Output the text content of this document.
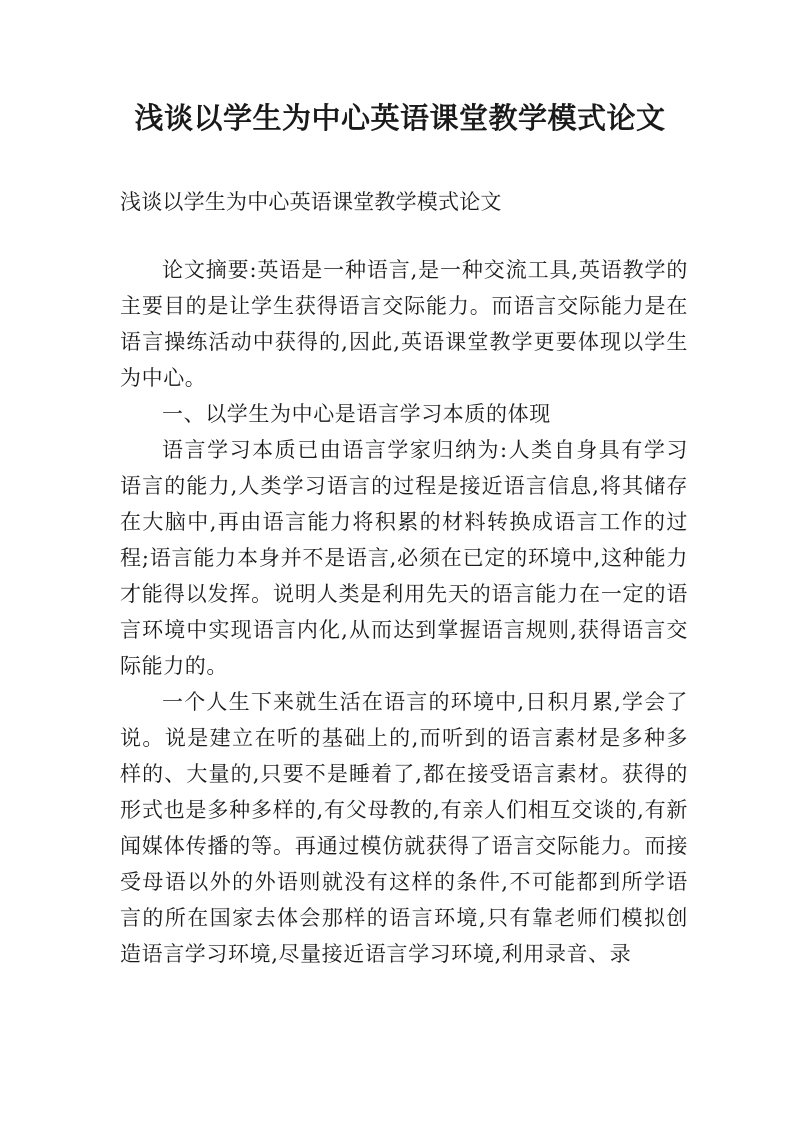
浅谈以学生为中心英语课堂教学模式论文

浅谈以学生为中心英语课堂教学模式论文

论文摘要:英语是一种语言,是一种交流工具,英语教学的主要目的是让学生获得语言交际能力。而语言交际能力是在语言操练活动中获得的,因此,英语课堂教学更要体现以学生为中心。

一、以学生为中心是语言学习本质的体现

语言学习本质已由语言学家归纳为:人类自身具有学习语言的能力,人类学习语言的过程是接近语言信息,将其储存在大脑中,再由语言能力将积累的材料转换成语言工作的过程;语言能力本身并不是语言,必须在已定的环境中,这种能力才能得以发挥。说明人类是利用先天的语言能力在一定的语言环境中实现语言内化,从而达到掌握语言规则,获得语言交际能力的。

一个人生下来就生活在语言的环境中,日积月累,学会了说。说是建立在听的基础上的,而听到的语言素材是多种多样的、大量的,只要不是睡着了,都在接受语言素材。获得的形式也是多种多样的,有父母教的,有亲人们相互交谈的,有新闻媒体传播的等。再通过模仿就获得了语言交际能力。而接受母语以外的外语则就没有这样的条件,不可能都到所学语言的所在国家去体会那样的语言环境,只有靠老师们模拟创造语言学习环境,尽量接近语言学习环境,利用录音、录
